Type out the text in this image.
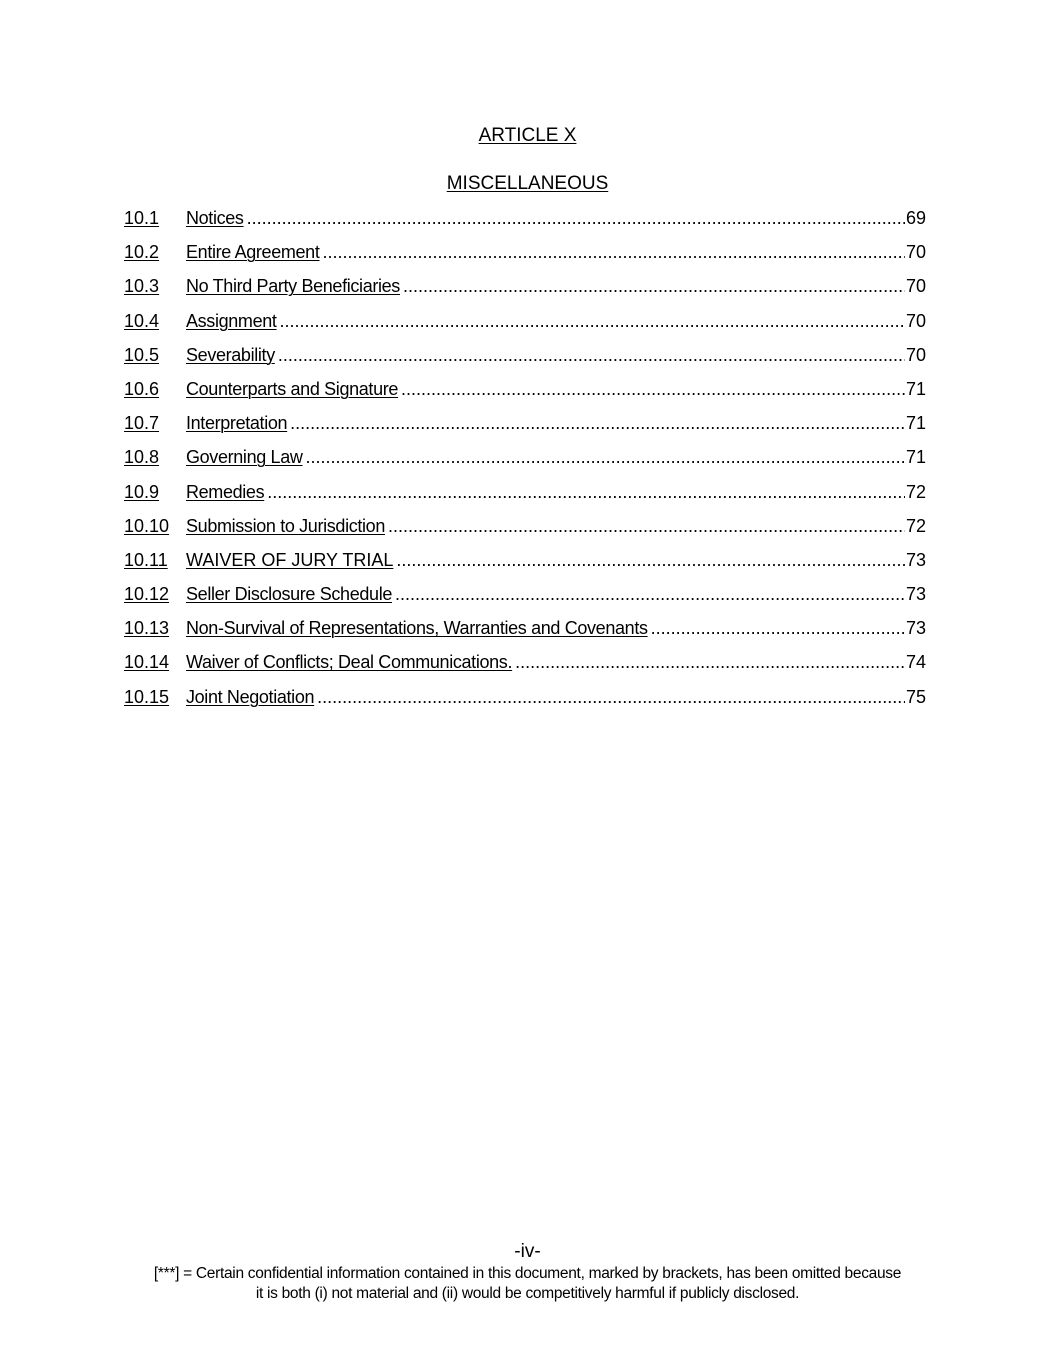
ARTICLE X
MISCELLANEOUS
10.1	Notices .....	69
10.2	Entire Agreement .....	70
10.3	No Third Party Beneficiaries .....	70
10.4	Assignment .....	70
10.5	Severability .....	70
10.6	Counterparts and Signature .....	71
10.7	Interpretation .....	71
10.8	Governing Law .....	71
10.9	Remedies .....	72
10.10 Submission to Jurisdiction .....	72
10.11	WAIVER OF JURY TRIAL .....	73
10.12 Seller Disclosure Schedule .....	73
10.13 Non-Survival of Representations, Warranties and Covenants .....	73
10.14 Waiver of Conflicts; Deal Communications. .....	74
10.15 Joint Negotiation .....	75
-iv-
[***] = Certain confidential information contained in this document, marked by brackets, has been omitted because
it is both (i) not material and (ii) would be competitively harmful if publicly disclosed.
